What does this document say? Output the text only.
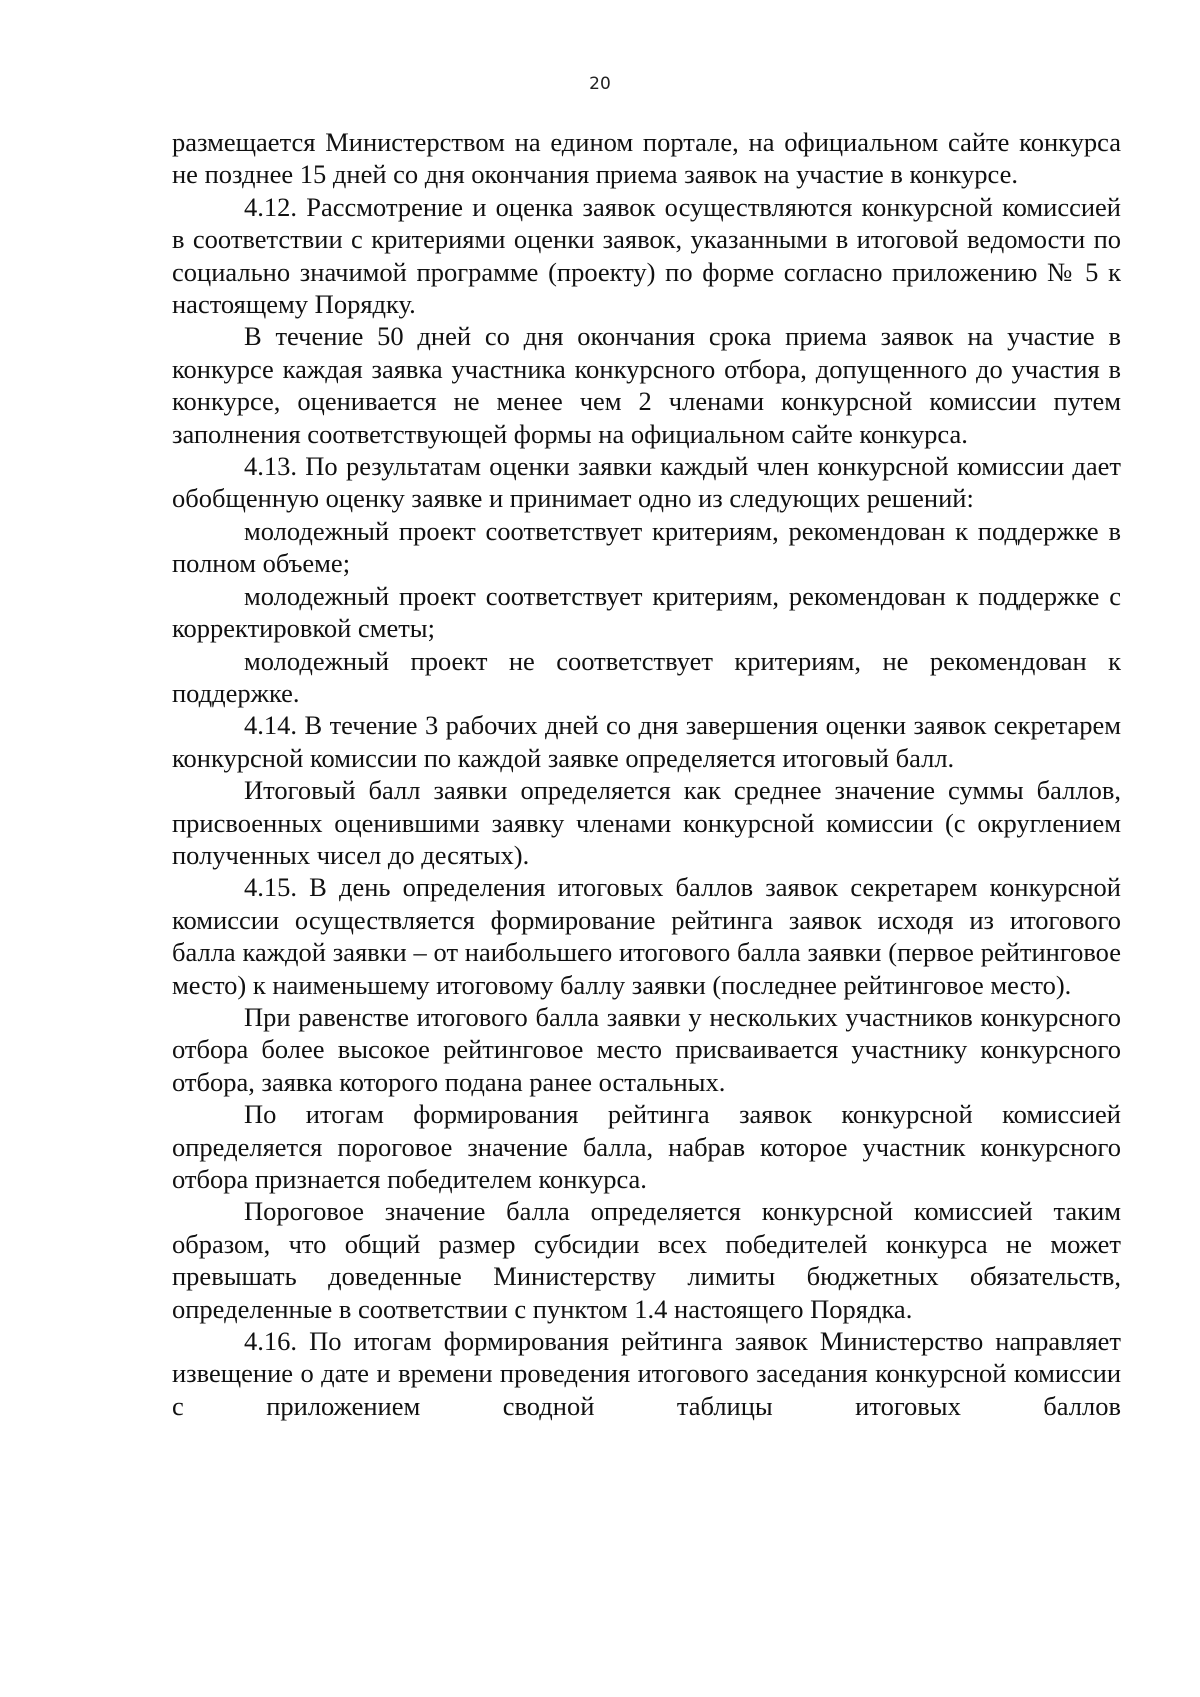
20

размещается Министерством на едином портале, на официальном сайте конкурса не позднее 15 дней со дня окончания приема заявок на участие в конкурсе.

4.12. Рассмотрение и оценка заявок осуществляются конкурсной комиссией в соответствии с критериями оценки заявок, указанными в итоговой ведомости по социально значимой программе (проекту) по форме согласно приложению № 5 к настоящему Порядку.

В течение 50 дней со дня окончания срока приема заявок на участие в конкурсе каждая заявка участника конкурсного отбора, допущенного до участия в конкурсе, оценивается не менее чем 2 членами конкурсной комиссии путем заполнения соответствующей формы на официальном сайте конкурса.

4.13. По результатам оценки заявки каждый член конкурсной комиссии дает обобщенную оценку заявке и принимает одно из следующих решений:

молодежный проект соответствует критериям, рекомендован к поддержке в полном объеме;

молодежный проект соответствует критериям, рекомендован к поддержке с корректировкой сметы;

молодежный проект не соответствует критериям, не рекомендован к поддержке.

4.14. В течение 3 рабочих дней со дня завершения оценки заявок секретарем конкурсной комиссии по каждой заявке определяется итоговый балл.

Итоговый балл заявки определяется как среднее значение суммы баллов, присвоенных оценившими заявку членами конкурсной комиссии (с округлением полученных чисел до десятых).

4.15. В день определения итоговых баллов заявок секретарем конкурсной комиссии осуществляется формирование рейтинга заявок исходя из итогового балла каждой заявки – от наибольшего итогового балла заявки (первое рейтинговое место) к наименьшему итоговому баллу заявки (последнее рейтинговое место).

При равенстве итогового балла заявки у нескольких участников конкурсного отбора более высокое рейтинговое место присваивается участнику конкурсного отбора, заявка которого подана ранее остальных.

По итогам формирования рейтинга заявок конкурсной комиссией определяется пороговое значение балла, набрав которое участник конкурсного отбора признается победителем конкурса.

Пороговое значение балла определяется конкурсной комиссией таким образом, что общий размер субсидии всех победителей конкурса не может превышать доведенные Министерству лимиты бюджетных обязательств, определенные в соответствии с пунктом 1.4 настоящего Порядка.

4.16. По итогам формирования рейтинга заявок Министерство направляет извещение о дате и времени проведения итогового заседания конкурсной комиссии с приложением сводной таблицы итоговых баллов
